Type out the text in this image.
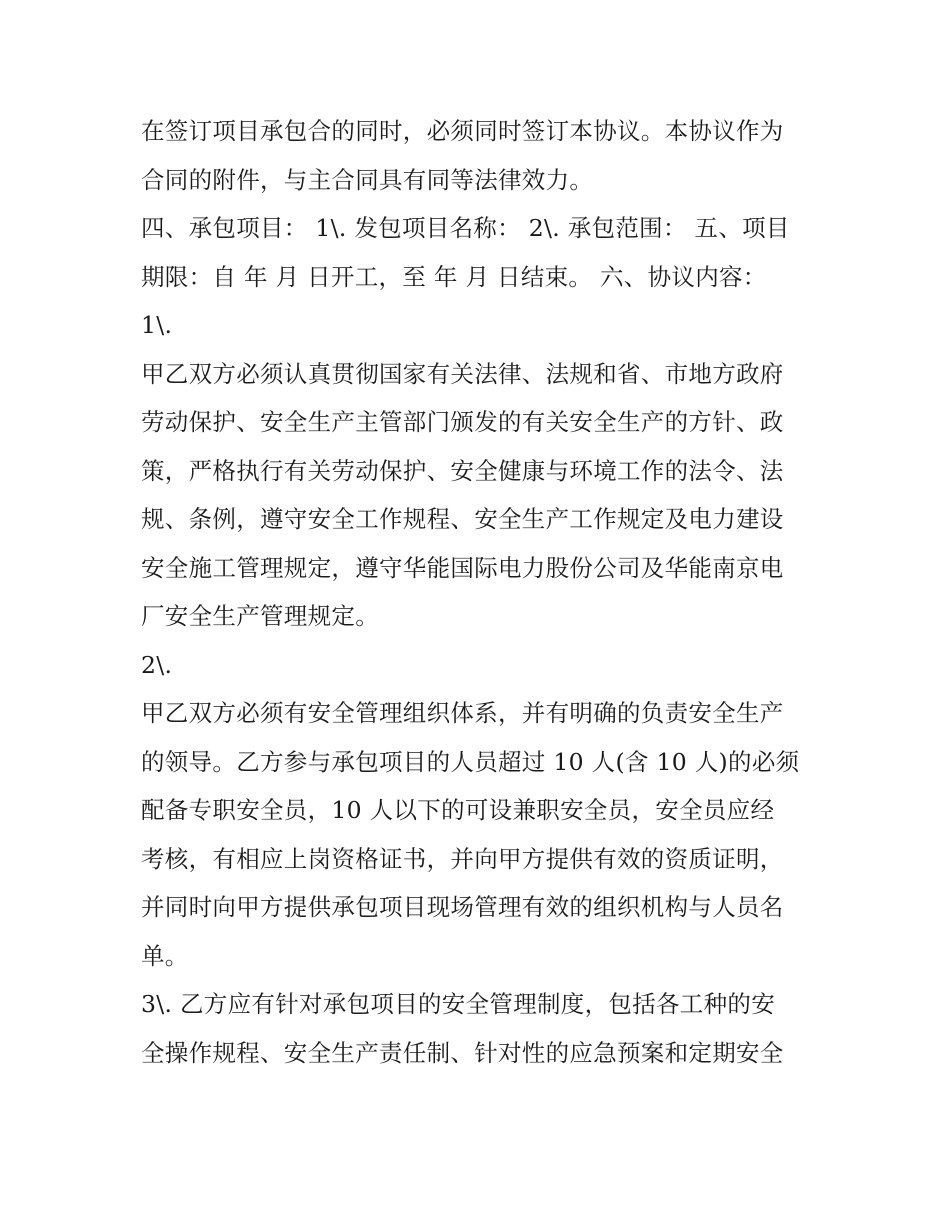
在签订项目承包合的同时，必须同时签订本协议。本协议作为
合同的附件，与主合同具有同等法律效力。
四、承包项目： 1\. 发包项目名称： 2\. 承包范围： 五、项目
期限：自 年 月 日开工，至 年 月 日结束。 六、协议内容：
1\.
甲乙双方必须认真贯彻国家有关法律、法规和省、市地方政府
劳动保护、安全生产主管部门颁发的有关安全生产的方针、政
策，严格执行有关劳动保护、安全健康与环境工作的法令、法
规、条例，遵守安全工作规程、安全生产工作规定及电力建设
安全施工管理规定，遵守华能国际电力股份公司及华能南京电
厂安全生产管理规定。
2\.
甲乙双方必须有安全管理组织体系，并有明确的负责安全生产
的领导。乙方参与承包项目的人员超过 10 人(含 10 人)的必须
配备专职安全员，10 人以下的可设兼职安全员，安全员应经
考核，有相应上岗资格证书，并向甲方提供有效的资质证明，
并同时向甲方提供承包项目现场管理有效的组织机构与人员名
单。
3\. 乙方应有针对承包项目的安全管理制度，包括各工种的安
全操作规程、安全生产责任制、针对性的应急预案和定期安全
